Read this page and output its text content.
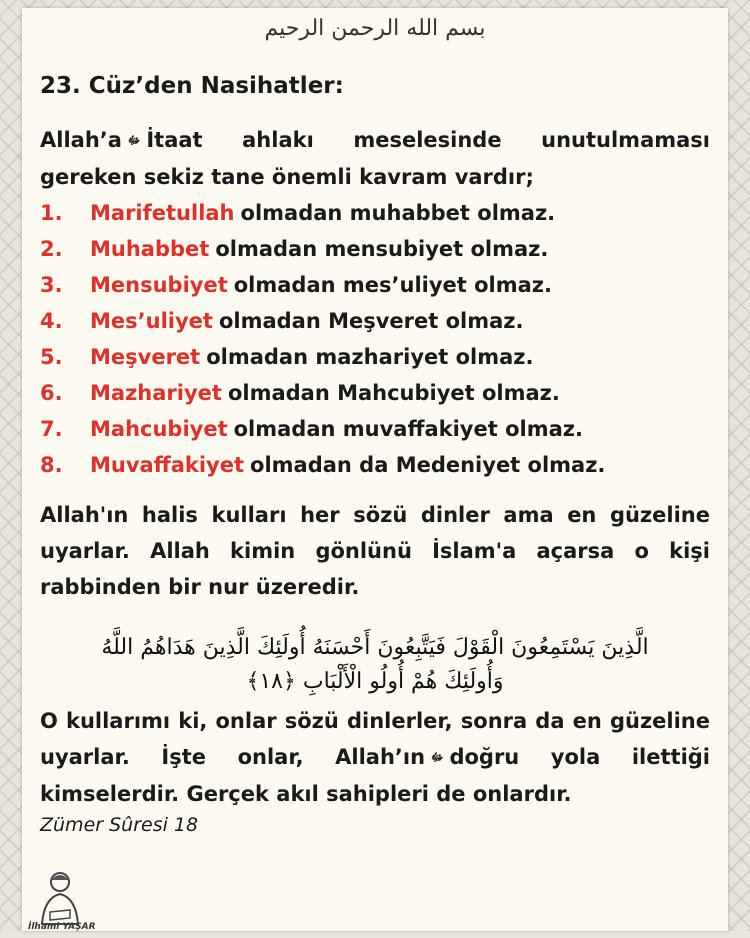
بسم الله الرحمن الرحيم
23. Cüz’den Nasihatler:

Allah’a ﷻ İtaat ahlakı meselesinde unutulmaması gereken sekiz tane önemli kavram vardır;

1.	Marifetullah olmadan muhabbet olmaz.
2.	Muhabbet olmadan mensubiyet olmaz.
3.	Mensubiyet olmadan mes’uliyet olmaz.
4.	Mes’uliyet olmadan Meşveret olmaz.
5.	Meşveret olmadan mazhariyet olmaz.
6.	Mazhariyet olmadan Mahcubiyet olmaz.
7.	Mahcubiyet olmadan muvaffakiyet olmaz.
8.	Muvaffakiyet olmadan da Medeniyet olmaz.

Allah'ın halis kulları her sözü dinler ama en güzeline uyarlar. Allah kimin gönlünü İslam'a açarsa o kişi rabbinden bir nur üzeredir.

الَّذِينَ يَسْتَمِعُونَ الْقَوْلَ فَيَتَّبِعُونَ أَحْسَنَهُ أُولَئِكَ الَّذِينَ هَدَاهُمُ اللَّهُ
وَأُولَئِكَ هُمْ أُولُو الْأَلْبَابِ ﴿١٨﴾

O kullarımı ki, onlar sözü dinlerler, sonra da en güzeline uyarlar. İşte onlar, Allah’ın ﷻ doğru yola ilettiği kimselerdir. Gerçek akıl sahipleri de onlardır.

Zümer Sûresi 18
İlhami YAŞAR
